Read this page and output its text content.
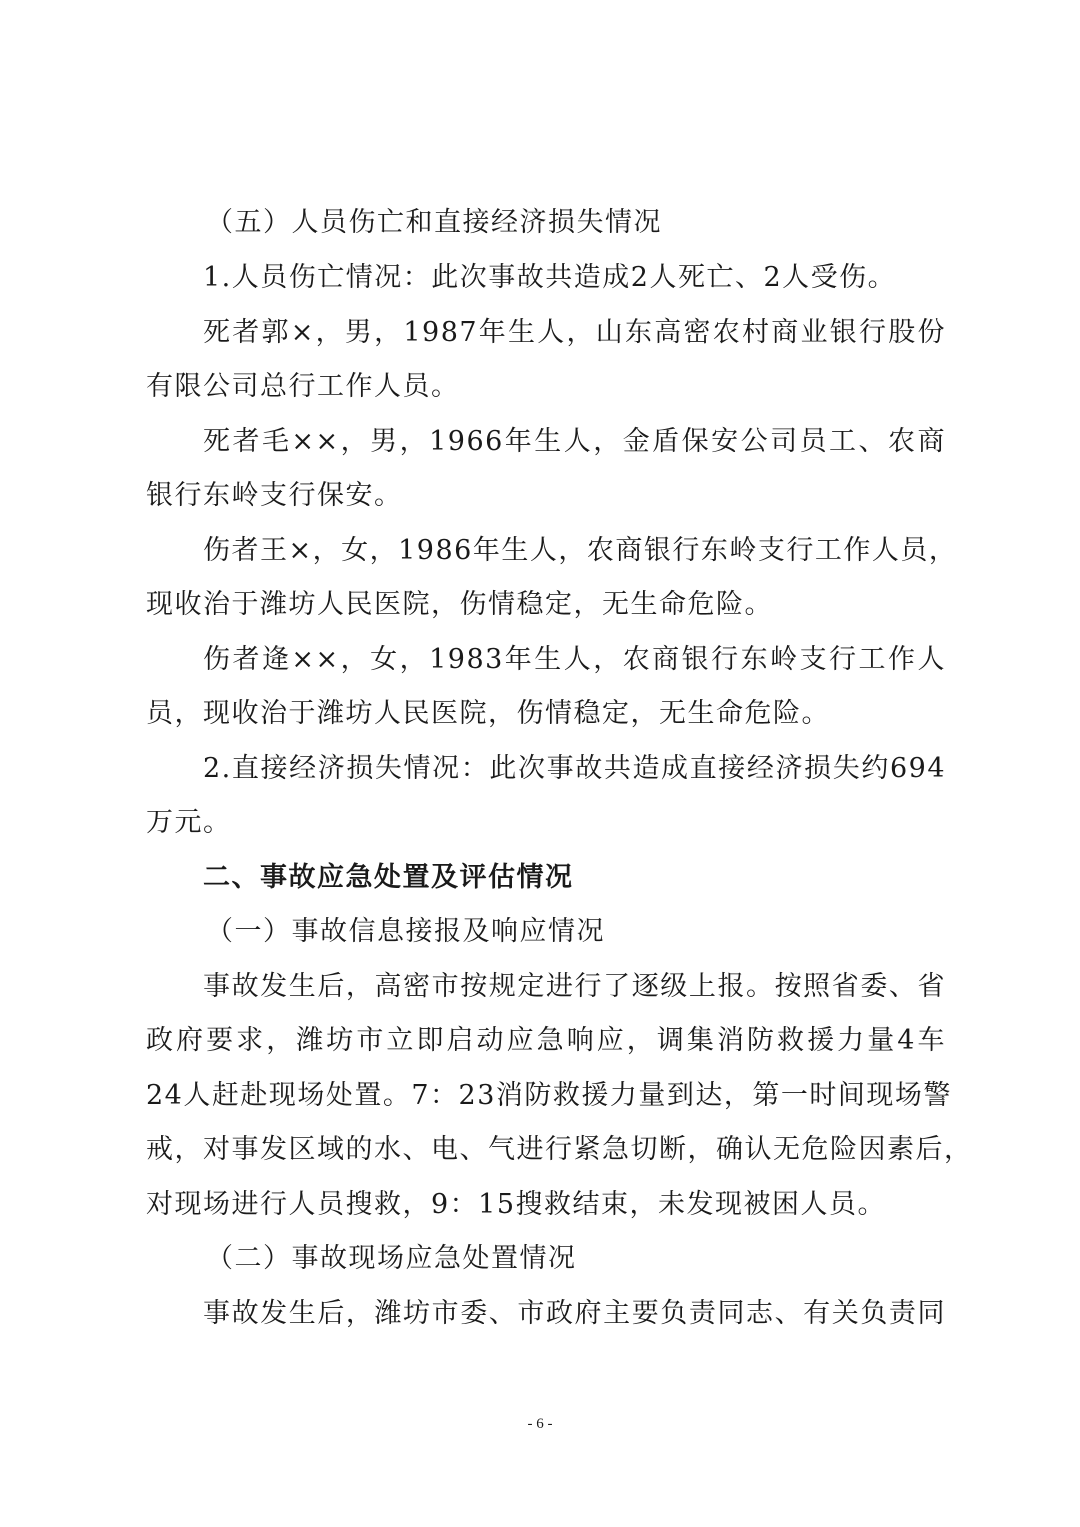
（五）人员伤亡和直接经济损失情况
1.人员伤亡情况：此次事故共造成2人死亡、2人受伤。
死者郭×，男，1987年生人，山东高密农村商业银行股份
有限公司总行工作人员。
死者毛××，男，1966年生人，金盾保安公司员工、农商
银行东岭支行保安。
伤者王×，女，1986年生人，农商银行东岭支行工作人员，
现收治于潍坊人民医院，伤情稳定，无生命危险。
伤者逄××，女，1983年生人，农商银行东岭支行工作人
员，现收治于潍坊人民医院，伤情稳定，无生命危险。
2.直接经济损失情况：此次事故共造成直接经济损失约694
万元。
二、事故应急处置及评估情况
（一）事故信息接报及响应情况
事故发生后，高密市按规定进行了逐级上报。按照省委、省
政府要求，潍坊市立即启动应急响应，调集消防救援力量4车
24人赶赴现场处置。7：23消防救援力量到达，第一时间现场警
戒，对事发区域的水、电、气进行紧急切断，确认无危险因素后，
对现场进行人员搜救，9：15搜救结束，未发现被困人员。
（二）事故现场应急处置情况
事故发生后，潍坊市委、市政府主要负责同志、有关负责同
- 6 -
